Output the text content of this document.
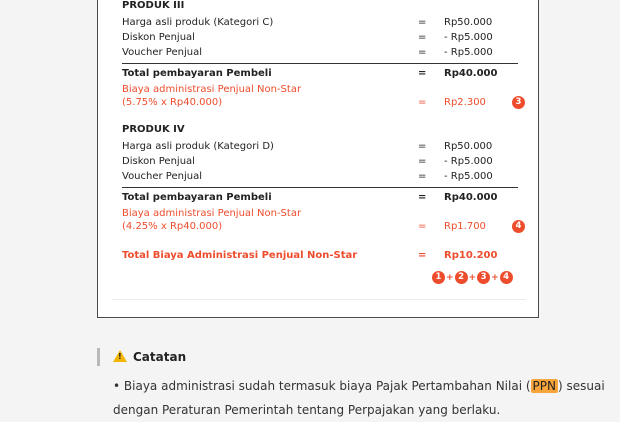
PRODUK III
Harga asli produk (Kategori C)	= Rp50.000
Diskon Penjual	= - Rp5.000
Voucher Penjual	= - Rp5.000
Total pembayaran Pembeli	= Rp40.000
Biaya administrasi Penjual Non-Star
(5.75% x Rp40.000)	= Rp2.300	3
PRODUK IV
Harga asli produk (Kategori D)	= Rp50.000
Diskon Penjual	= - Rp5.000
Voucher Penjual	= - Rp5.000
Total pembayaran Pembeli	= Rp40.000
Biaya administrasi Penjual Non-Star
(4.25% x Rp40.000)	= Rp1.700	4
Total Biaya Administrasi Penjual Non-Star	= Rp10.200
1 + 2 + 3 + 4
! Catatan
• Biaya administrasi sudah termasuk biaya Pajak Pertambahan Nilai ( PPN ) sesuai dengan Peraturan Pemerintah tentang Perpajakan yang berlaku.
